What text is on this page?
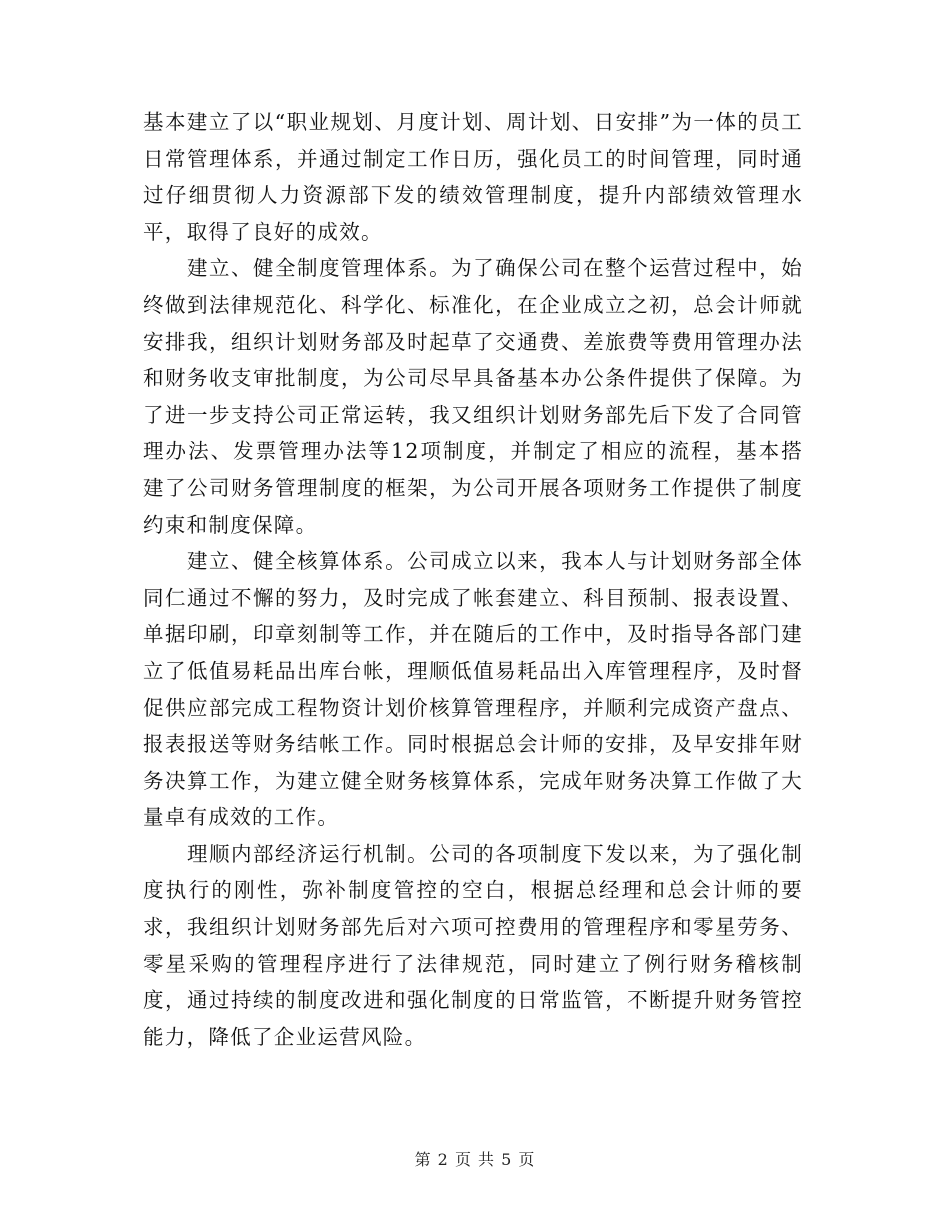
基本建立了以“职业规划、月度计划、周计划、日安排”为一体的员工日常管理体系，并通过制定工作日历，强化员工的时间管理，同时通过仔细贯彻人力资源部下发的绩效管理制度，提升内部绩效管理水平，取得了良好的成效。

建立、健全制度管理体系。为了确保公司在整个运营过程中，始终做到法律规范化、科学化、标准化，在企业成立之初，总会计师就安排我，组织计划财务部及时起草了交通费、差旅费等费用管理办法和财务收支审批制度，为公司尽早具备基本办公条件提供了保障。为了进一步支持公司正常运转，我又组织计划财务部先后下发了合同管理办法、发票管理办法等12项制度，并制定了相应的流程，基本搭建了公司财务管理制度的框架，为公司开展各项财务工作提供了制度约束和制度保障。

建立、健全核算体系。公司成立以来，我本人与计划财务部全体同仁通过不懈的努力，及时完成了帐套建立、科目预制、报表设置、单据印刷，印章刻制等工作，并在随后的工作中，及时指导各部门建立了低值易耗品出库台帐，理顺低值易耗品出入库管理程序，及时督促供应部完成工程物资计划价核算管理程序，并顺利完成资产盘点、报表报送等财务结帐工作。同时根据总会计师的安排，及早安排年财务决算工作，为建立健全财务核算体系，完成年财务决算工作做了大量卓有成效的工作。

理顺内部经济运行机制。公司的各项制度下发以来，为了强化制度执行的刚性，弥补制度管控的空白，根据总经理和总会计师的要求，我组织计划财务部先后对六项可控费用的管理程序和零星劳务、零星采购的管理程序进行了法律规范，同时建立了例行财务稽核制度，通过持续的制度改进和强化制度的日常监管，不断提升财务管控能力，降低了企业运营风险。

第 2 页 共 5 页
